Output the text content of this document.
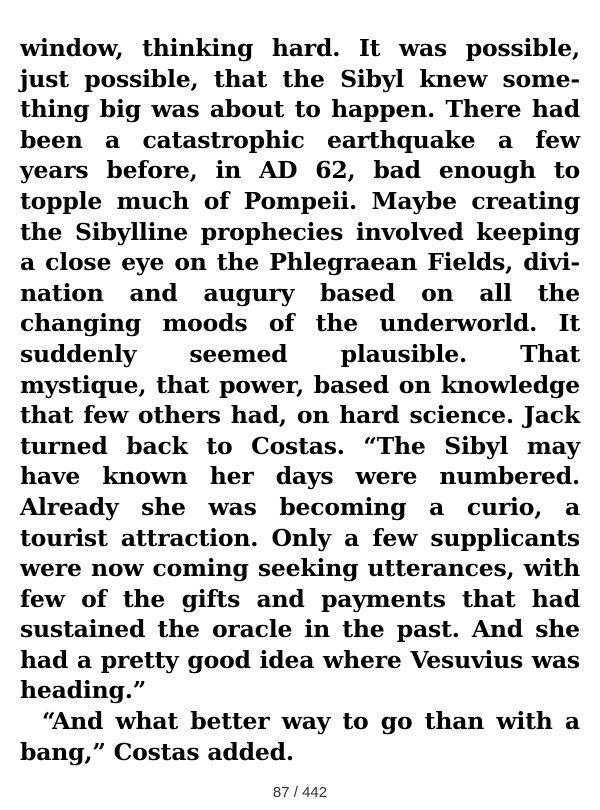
window, thinking hard. It was possible,
just possible, that the Sibyl knew some-
thing big was about to happen. There had
been a catastrophic earthquake a few
years before, in AD 62, bad enough to
topple much of Pompeii. Maybe creating
the Sibylline prophecies involved keeping
a close eye on the Phlegraean Fields, divi-
nation and augury based on all the
changing moods of the underworld. It
suddenly seemed plausible. That
mystique, that power, based on knowledge
that few others had, on hard science. Jack
turned back to Costas. “The Sibyl may
have known her days were numbered.
Already she was becoming a curio, a
tourist attraction. Only a few supplicants
were now coming seeking utterances, with
few of the gifts and payments that had
sustained the oracle in the past. And she
had a pretty good idea where Vesuvius was
heading.”
“And what better way to go than with a
bang,” Costas added.
87 / 442
